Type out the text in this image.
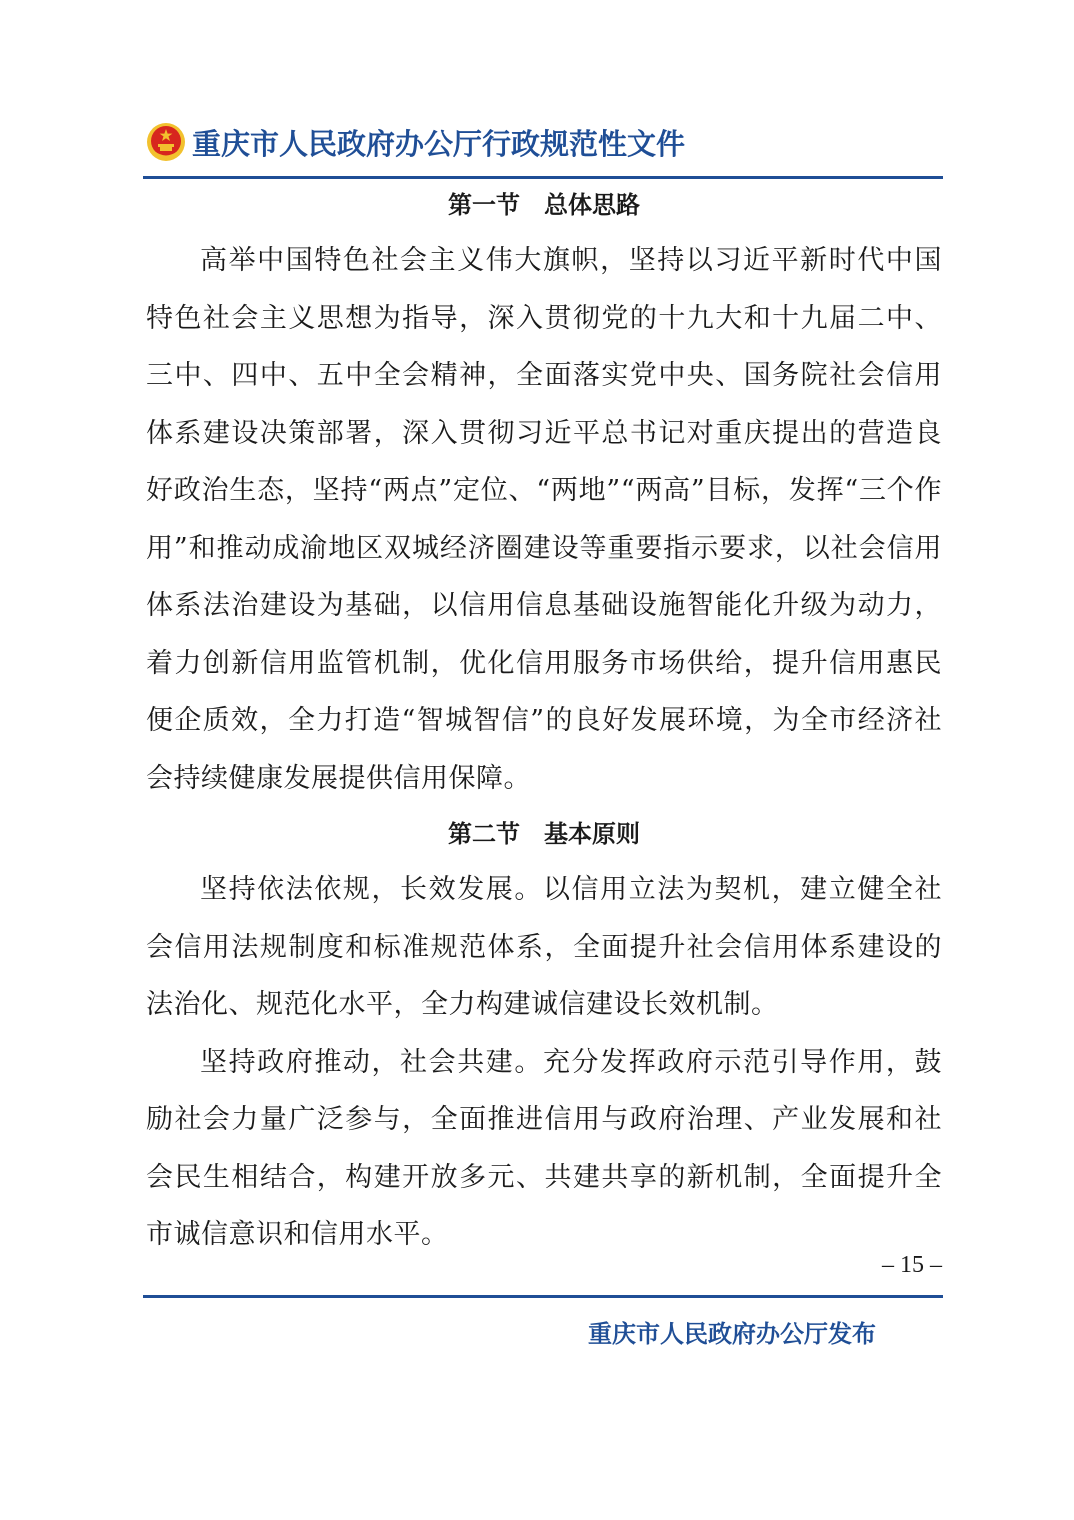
重庆市人民政府办公厅行政规范性文件
第一节　总体思路

高举中国特色社会主义伟大旗帜，坚持以习近平新时代中国特色社会主义思想为指导，深入贯彻党的十九大和十九届二中、三中、四中、五中全会精神，全面落实党中央、国务院社会信用体系建设决策部署，深入贯彻习近平总书记对重庆提出的营造良好政治生态，坚持“两点”定位、“两地”“两高”目标，发挥“三个作用”和推动成渝地区双城经济圈建设等重要指示要求，以社会信用体系法治建设为基础，以信用信息基础设施智能化升级为动力，着力创新信用监管机制，优化信用服务市场供给，提升信用惠民便企质效，全力打造“智城智信”的良好发展环境，为全市经济社会持续健康发展提供信用保障。

第二节　基本原则

坚持依法依规，长效发展。以信用立法为契机，建立健全社会信用法规制度和标准规范体系，全面提升社会信用体系建设的法治化、规范化水平，全力构建诚信建设长效机制。

坚持政府推动，社会共建。充分发挥政府示范引导作用，鼓励社会力量广泛参与，全面推进信用与政府治理、产业发展和社会民生相结合，构建开放多元、共建共享的新机制，全面提升全市诚信意识和信用水平。

– 15 –
重庆市人民政府办公厅发布
